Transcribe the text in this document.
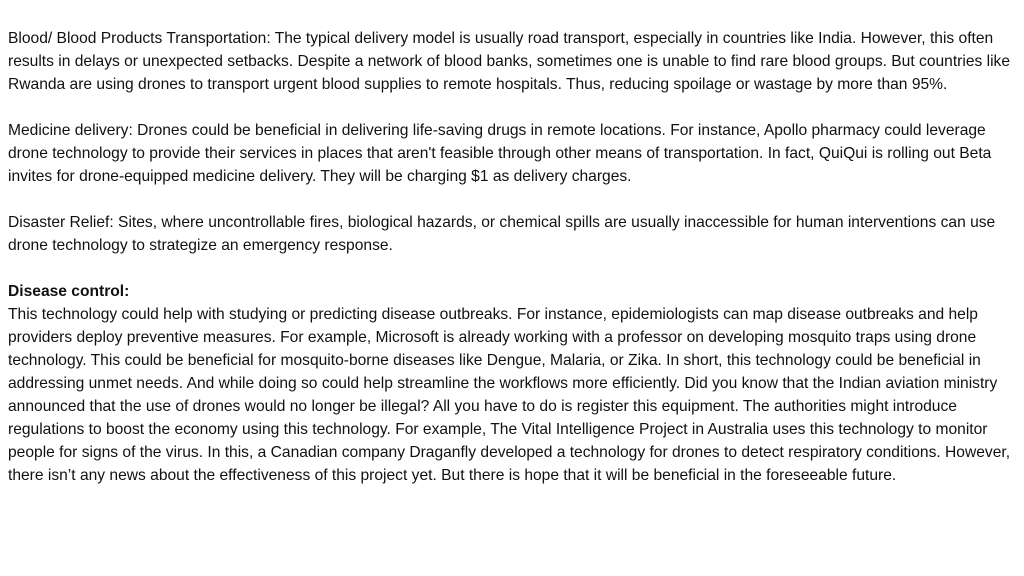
Blood/ Blood Products Transportation: The typical delivery model is usually road transport, especially in countries like India. However, this often results in delays or unexpected setbacks. Despite a network of blood banks, sometimes one is unable to find rare blood groups. But countries like Rwanda are using drones to transport urgent blood supplies to remote hospitals. Thus, reducing spoilage or wastage by more than 95%.

Medicine delivery: Drones could be beneficial in delivering life-saving drugs in remote locations. For instance, Apollo pharmacy could leverage drone technology to provide their services in places that aren't feasible through other means of transportation. In fact, QuiQui is rolling out Beta invites for drone-equipped medicine delivery. They will be charging $1 as delivery charges.

Disaster Relief: Sites, where uncontrollable fires, biological hazards, or chemical spills are usually inaccessible for human interventions can use drone technology to strategize an emergency response.

Disease control:

This technology could help with studying or predicting disease outbreaks. For instance, epidemiologists can map disease outbreaks and help providers deploy preventive measures. For example, Microsoft is already working with a professor on developing mosquito traps using drone technology. This could be beneficial for mosquito-borne diseases like Dengue, Malaria, or Zika. In short, this technology could be beneficial in addressing unmet needs. And while doing so could help streamline the workflows more efficiently. Did you know that the Indian aviation ministry announced that the use of drones would no longer be illegal? All you have to do is register this equipment. The authorities might introduce regulations to boost the economy using this technology. For example, The Vital Intelligence Project in Australia uses this technology to monitor people for signs of the virus. In this, a Canadian company Draganfly developed a technology for drones to detect respiratory conditions. However, there isn’t any news about the effectiveness of this project yet. But there is hope that it will be beneficial in the foreseeable future.
